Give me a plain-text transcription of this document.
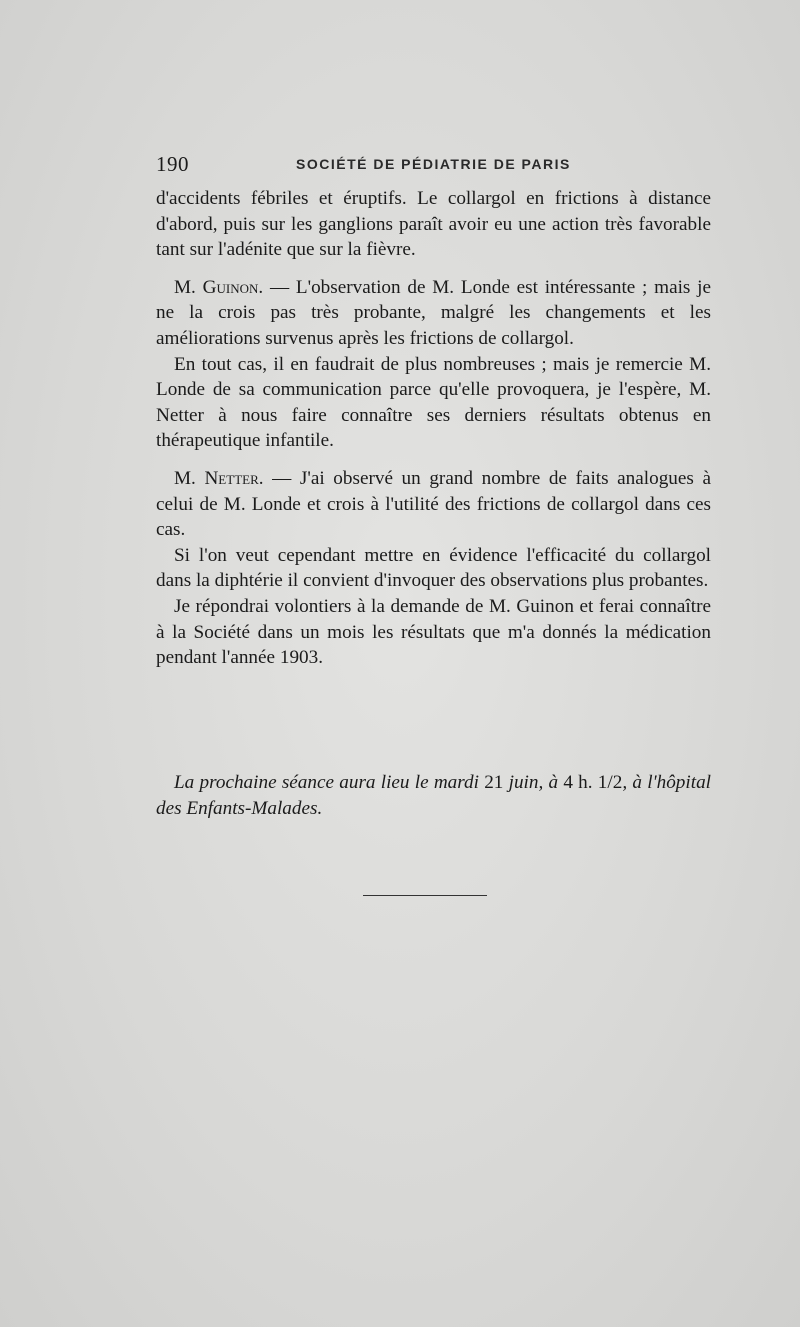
190	SOCIÉTÉ DE PÉDIATRIE DE PARIS

d'accidents fébriles et éruptifs. Le collargol en frictions à distance d'abord, puis sur les ganglions paraît avoir eu une action très favorable tant sur l'adénite que sur la fièvre.

M. Guinon. — L'observation de M. Londe est intéressante ; mais je ne la crois pas très probante, malgré les changements et les améliorations survenus après les frictions de collargol.

En tout cas, il en faudrait de plus nombreuses ; mais je remercie M. Londe de sa communication parce qu'elle provoquera, je l'espère, M. Netter à nous faire connaître ses derniers résultats obtenus en thérapeutique infantile.

M. Netter. — J'ai observé un grand nombre de faits analogues à celui de M. Londe et crois à l'utilité des frictions de collargol dans ces cas.

Si l'on veut cependant mettre en évidence l'efficacité du collargol dans la diphtérie il convient d'invoquer des observations plus probantes.

Je répondrai volontiers à la demande de M. Guinon et ferai connaître à la Société dans un mois les résultats que m'a donnés la médication pendant l'année 1903.

La prochaine séance aura lieu le mardi 21 juin, à 4 h. 1/2, à l'hôpital des Enfants-Malades.
